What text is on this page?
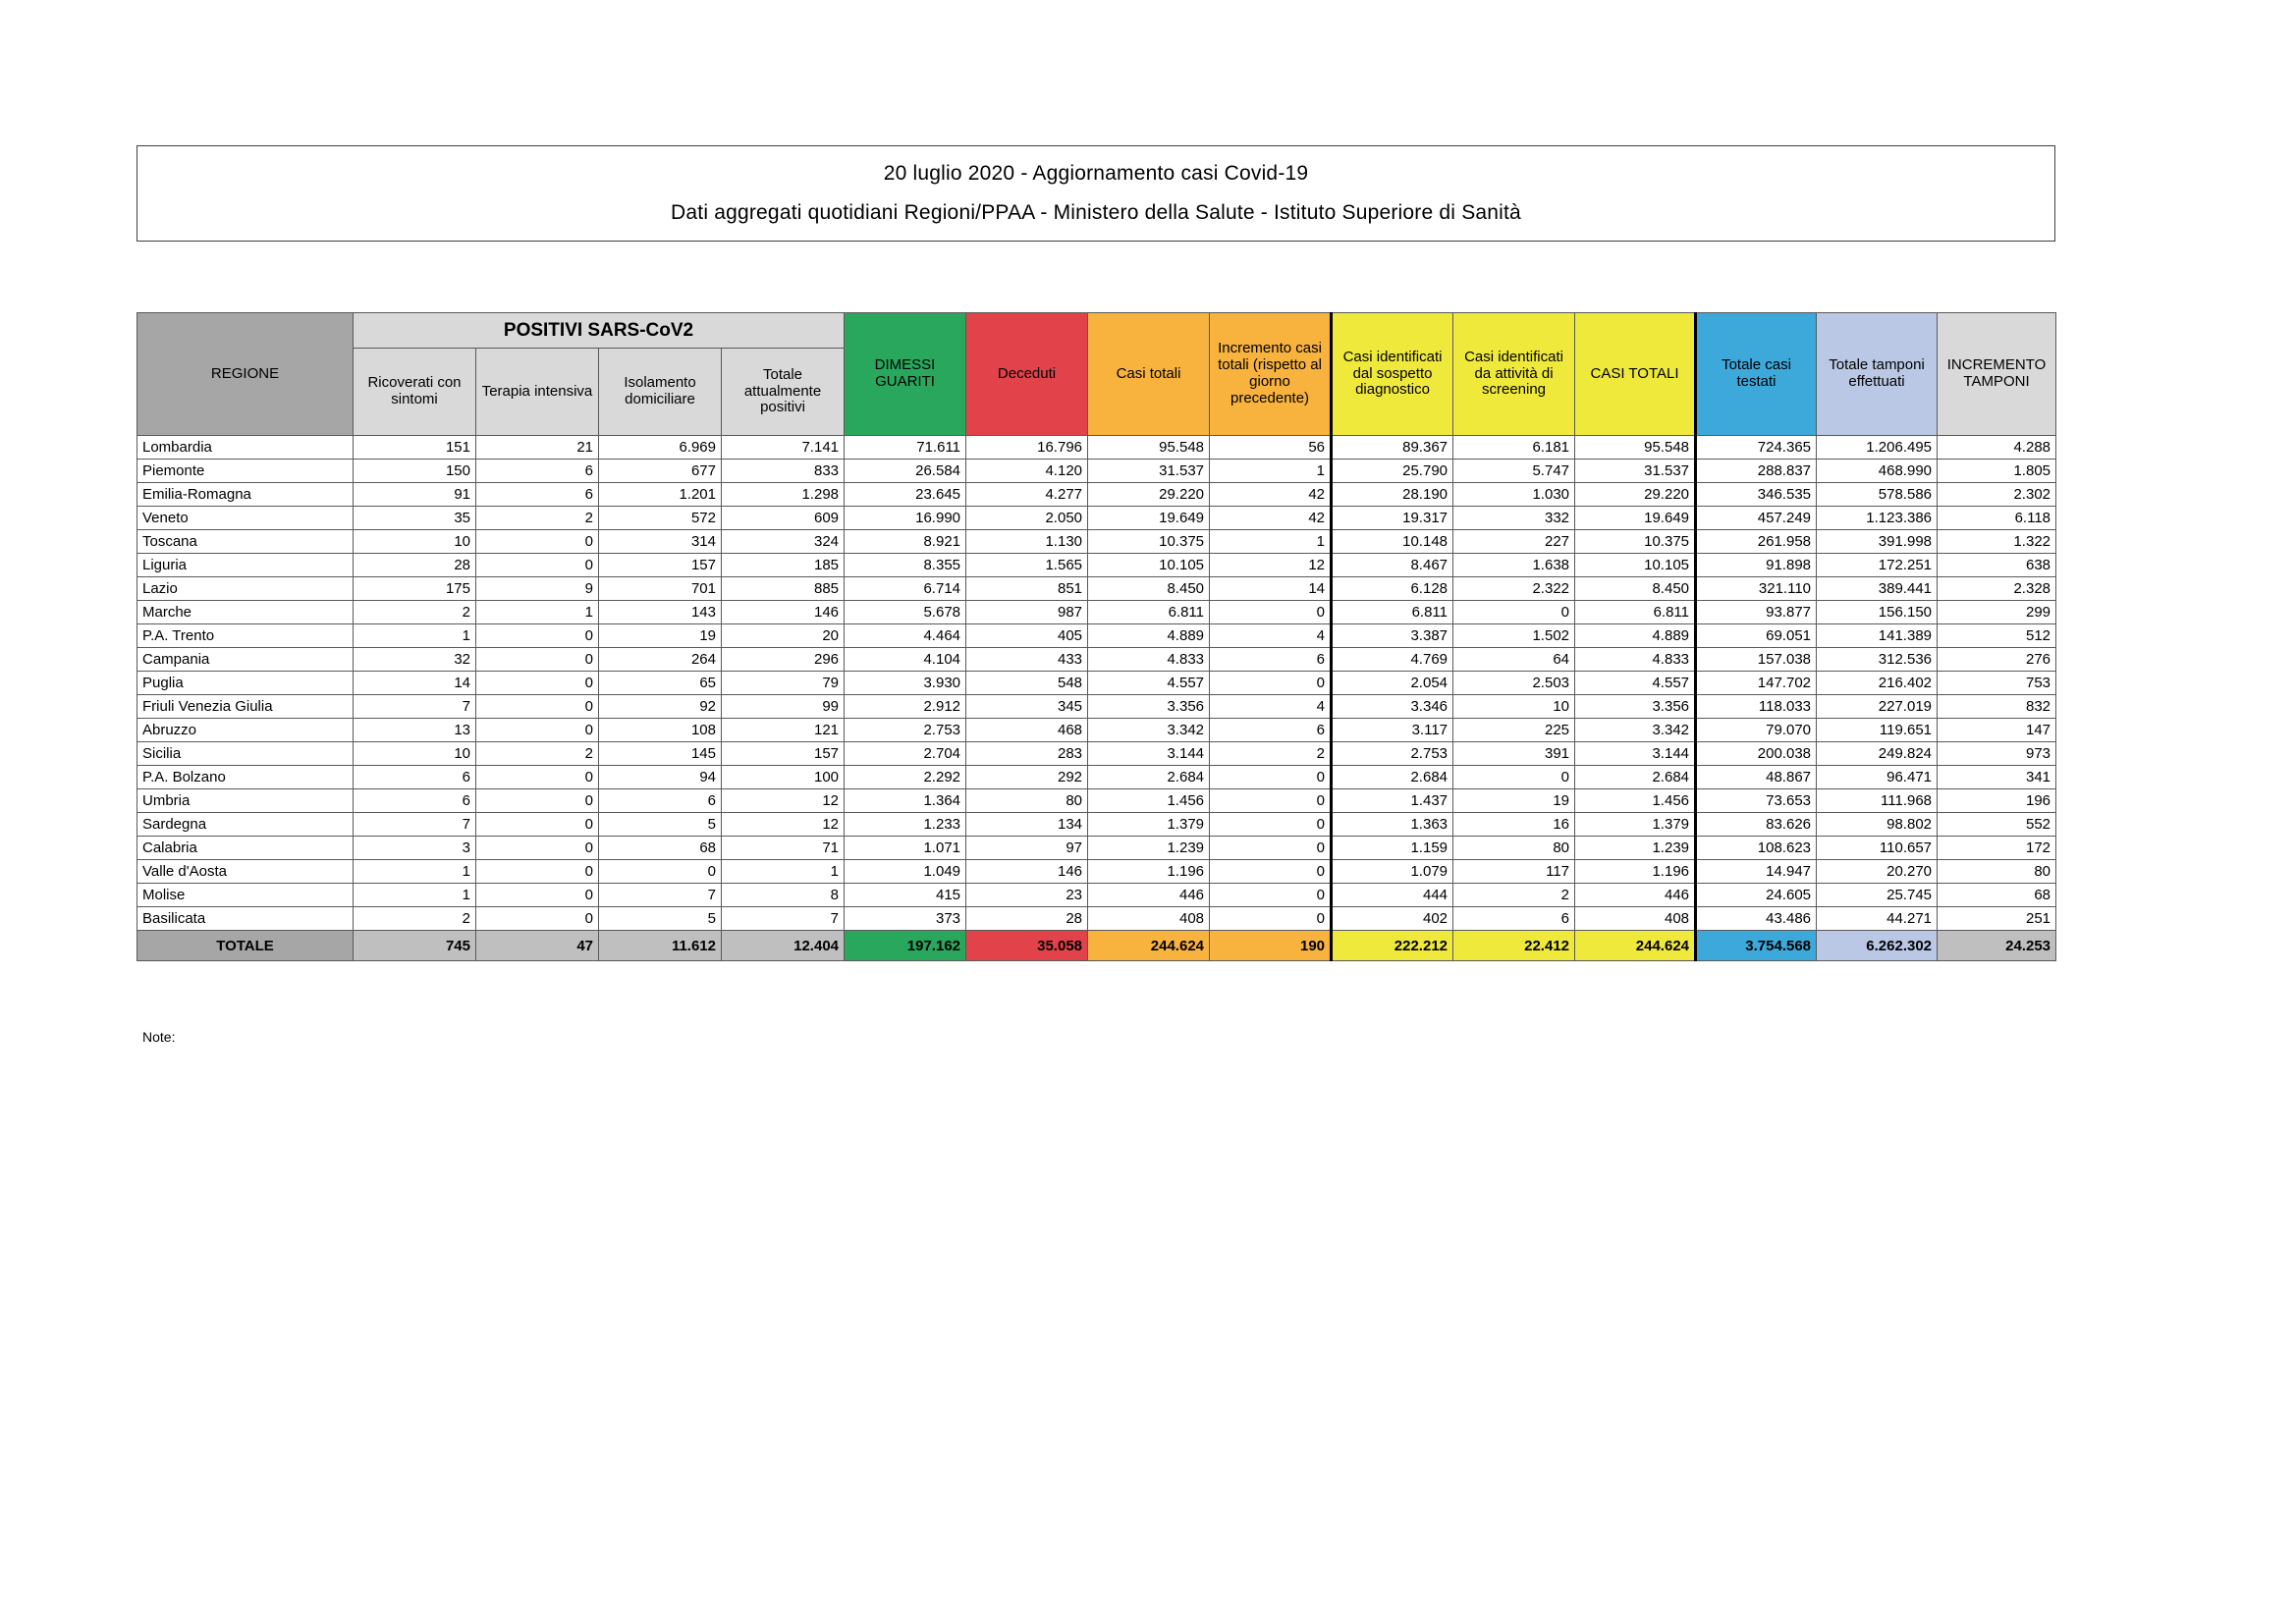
20 luglio 2020 - Aggiornamento casi Covid-19
Dati aggregati quotidiani Regioni/PPAA - Ministero della Salute - Istituto Superiore di Sanità
REGIONE	POSITIVI SARS-CoV2				DIMESSI GUARITI	Deceduti	Casi totali	Incremento casi totali (rispetto al giorno precedente)	Casi identificati dal sospetto diagnostico	Casi identificati da attività di screening	CASI TOTALI	Totale casi testati	Totale tamponi effettuati	INCREMENTO TAMPONI
	Ricoverati con sintomi	Terapia intensiva	Isolamento domiciliare	Totale attualmente positivi										
Lombardia	151	21	6.969	7.141	71.611	16.796	95.548	56	89.367	6.181	95.548	724.365	1.206.495	4.288
Piemonte	150	6	677	833	26.584	4.120	31.537	1	25.790	5.747	31.537	288.837	468.990	1.805
Emilia-Romagna	91	6	1.201	1.298	23.645	4.277	29.220	42	28.190	1.030	29.220	346.535	578.586	2.302
Veneto	35	2	572	609	16.990	2.050	19.649	42	19.317	332	19.649	457.249	1.123.386	6.118
Toscana	10	0	314	324	8.921	1.130	10.375	1	10.148	227	10.375	261.958	391.998	1.322
Liguria	28	0	157	185	8.355	1.565	10.105	12	8.467	1.638	10.105	91.898	172.251	638
Lazio	175	9	701	885	6.714	851	8.450	14	6.128	2.322	8.450	321.110	389.441	2.328
Marche	2	1	143	146	5.678	987	6.811	0	6.811	0	6.811	93.877	156.150	299
P.A. Trento	1	0	19	20	4.464	405	4.889	4	3.387	1.502	4.889	69.051	141.389	512
Campania	32	0	264	296	4.104	433	4.833	6	4.769	64	4.833	157.038	312.536	276
Puglia	14	0	65	79	3.930	548	4.557	0	2.054	2.503	4.557	147.702	216.402	753
Friuli Venezia Giulia	7	0	92	99	2.912	345	3.356	4	3.346	10	3.356	118.033	227.019	832
Abruzzo	13	0	108	121	2.753	468	3.342	6	3.117	225	3.342	79.070	119.651	147
Sicilia	10	2	145	157	2.704	283	3.144	2	2.753	391	3.144	200.038	249.824	973
P.A. Bolzano	6	0	94	100	2.292	292	2.684	0	2.684	0	2.684	48.867	96.471	341
Umbria	6	0	6	12	1.364	80	1.456	0	1.437	19	1.456	73.653	111.968	196
Sardegna	7	0	5	12	1.233	134	1.379	0	1.363	16	1.379	83.626	98.802	552
Calabria	3	0	68	71	1.071	97	1.239	0	1.159	80	1.239	108.623	110.657	172
Valle d'Aosta	1	0	0	1	1.049	146	1.196	0	1.079	117	1.196	14.947	20.270	80
Molise	1	0	7	8	415	23	446	0	444	2	446	24.605	25.745	68
Basilicata	2	0	5	7	373	28	408	0	402	6	408	43.486	44.271	251
TOTALE	745	47	11.612	12.404	197.162	35.058	244.624	190	222.212	22.412	244.624	3.754.568	6.262.302	24.253
Note:
